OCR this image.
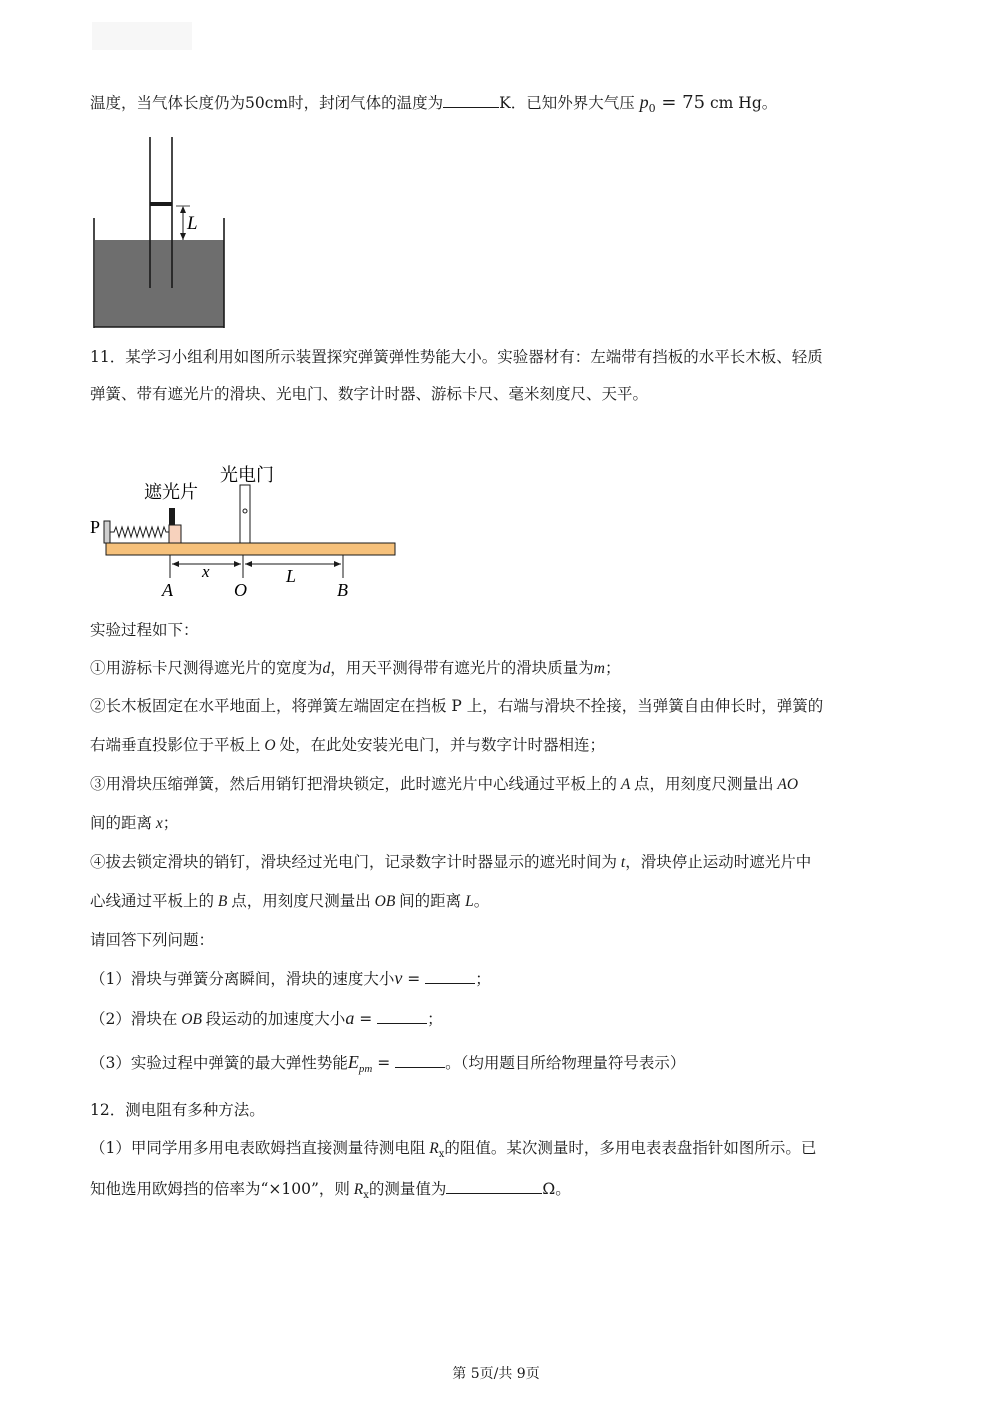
温度，当气体长度仍为50cm时，封闭气体的温度为	K．已知外界大气压 $p_0 = 75$ cm Hg。
L
11．某学习小组利用如图所示装置探究弹簧弹性势能大小。实验器材有：左端带有挡板的水平长木板、轻质
弹簧、带有遮光片的滑块、光电门、数字计时器、游标卡尺、毫米刻度尺、天平。
光电门
遮光片
P
x	L
A	O	B
实验过程如下：
①用游标卡尺测得遮光片的宽度为d，用天平测得带有遮光片的滑块质量为m；
②长木板固定在水平地面上，将弹簧左端固定在挡板 P 上，右端与滑块不拴接，当弹簧自由伸长时，弹簧的
右端垂直投影位于平板上 O 处，在此处安装光电门，并与数字计时器相连；
③用滑块压缩弹簧，然后用销钉把滑块锁定，此时遮光片中心线通过平板上的 A 点，用刻度尺测量出 AO
间的距离 x；
④拔去锁定滑块的销钉，滑块经过光电门，记录数字计时器显示的遮光时间为 t，滑块停止运动时遮光片中
心线通过平板上的 B 点，用刻度尺测量出 OB 间的距离 L。
请回答下列问题：
（1）滑块与弹簧分离瞬间，滑块的速度大小v =	；
（2）滑块在 OB 段运动的加速度大小a =	；
（3）实验过程中弹簧的最大弹性势能$E_{pm}$ =	。（均用题目所给物理量符号表示）
12．测电阻有多种方法。
（1）甲同学用多用电表欧姆挡直接测量待测电阻 $R_x$的阻值。某次测量时，多用电表表盘指针如图所示。已
知他选用欧姆挡的倍率为“×100”，则 $R_x$的测量值为	Ω。
第 5页/共 9页
